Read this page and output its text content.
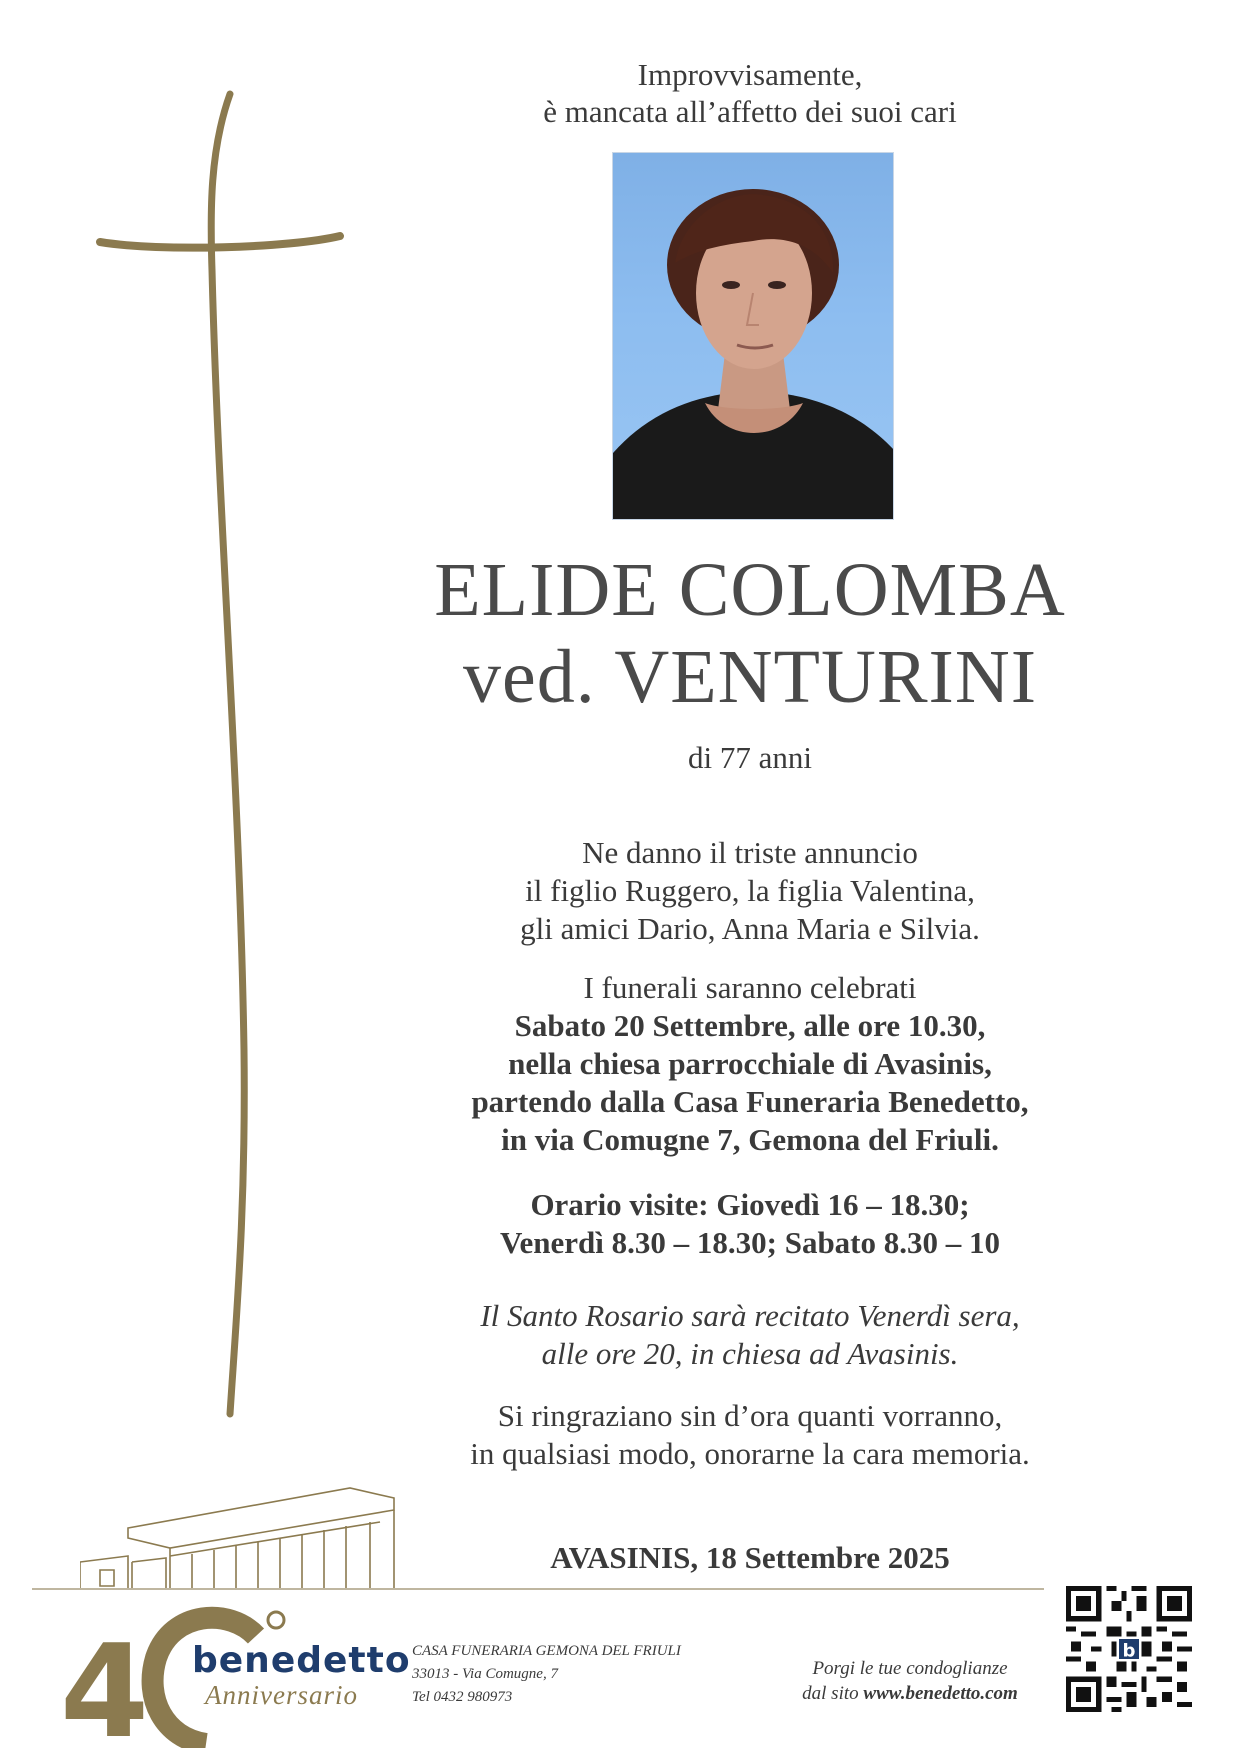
Improvvisamente,
è mancata all’affetto dei suoi cari
ELIDE COLOMBA
ved. VENTURINI
di 77 anni
Ne danno il triste annuncio
il figlio Ruggero, la figlia Valentina,
gli amici Dario, Anna Maria e Silvia.
I funerali saranno celebrati
Sabato 20 Settembre, alle ore 10.30,
nella chiesa parrocchiale di Avasinis,
partendo dalla Casa Funeraria Benedetto,
in via Comugne 7, Gemona del Friuli.
Orario visite: Giovedì 16 – 18.30;
Venerdì 8.30 – 18.30; Sabato 8.30 – 10
Il Santo Rosario sarà recitato Venerdì sera,
alle ore 20, in chiesa ad Avasinis.
Si ringraziano sin d’ora quanti vorranno,
in qualsiasi modo, onorarne la cara memoria.
AVASINIS, 18 Settembre 2025
4 benedetto
Anniversario
CASA FUNERARIA GEMONA DEL FRIULI
33013 - Via Comugne, 7
Tel 0432 980973
Porgi le tue condoglianze
dal sito www.benedetto.com
b
